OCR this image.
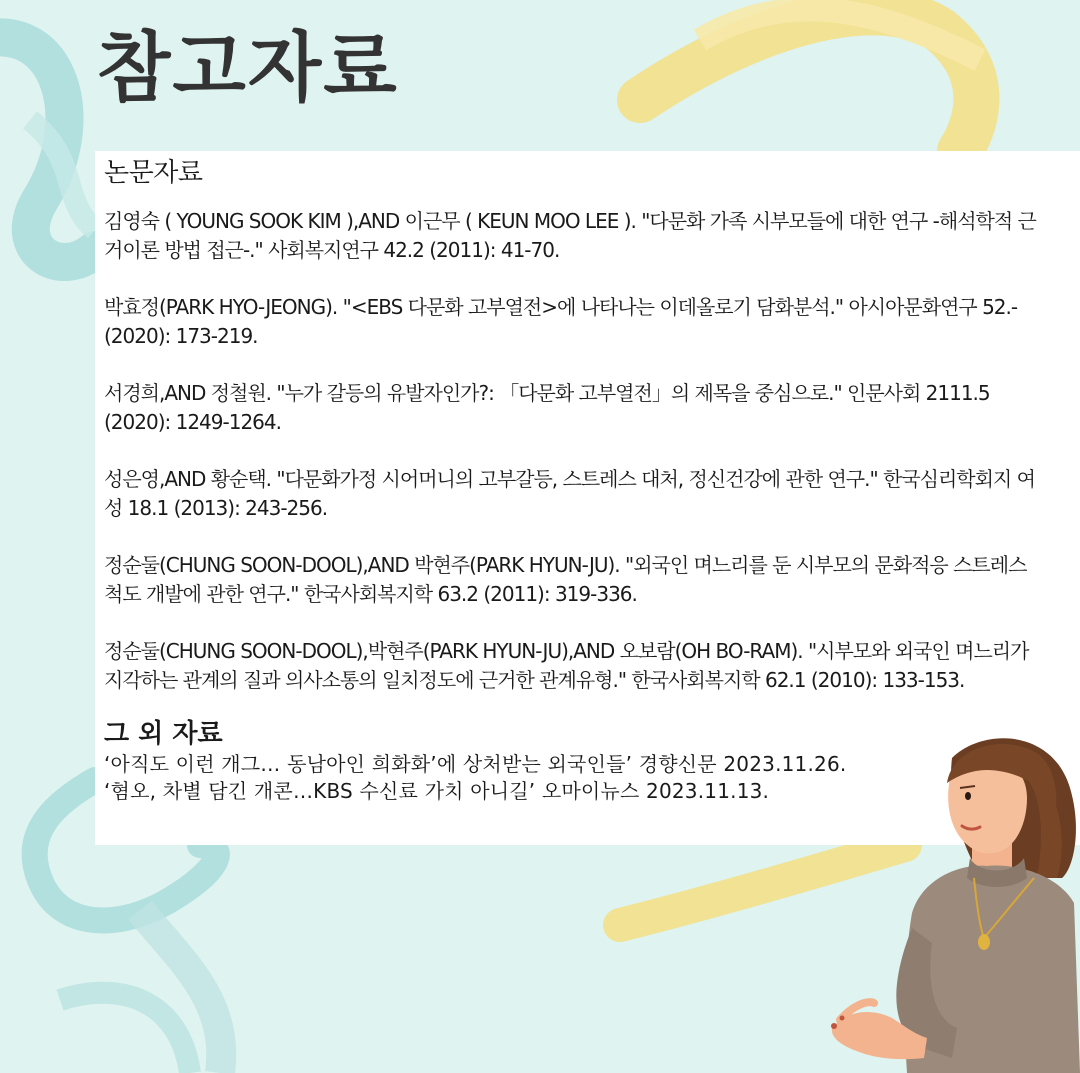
참고자료
논문자료
김영숙 ( YOUNG SOOK KIM ),AND 이근무 ( KEUN MOO LEE ). "다문화 가족 시부모들에 대한 연구 -해석학적 근거이론 방법 접근-." 사회복지연구 42.2 (2011): 41-70.
박효정(PARK HYO-JEONG). "<EBS 다문화 고부열전>에 나타나는 이데올로기 담화분석." 아시아문화연구 52.- (2020): 173-219.
서경희,AND 정철원. "누가 갈등의 유발자인가?: 「다문화 고부열전」의 제목을 중심으로." 인문사회 2111.5 (2020): 1249-1264.
성은영,AND 황순택. "다문화가정 시어머니의 고부갈등, 스트레스 대처, 정신건강에 관한 연구." 한국심리학회지 여성 18.1 (2013): 243-256.
정순둘(CHUNG SOON-DOOL),AND 박현주(PARK HYUN-JU). "외국인 며느리를 둔 시부모의 문화적응 스트레스 척도 개발에 관한 연구." 한국사회복지학 63.2 (2011): 319-336.
정순둘(CHUNG SOON-DOOL),박현주(PARK HYUN-JU),AND 오보람(OH BO-RAM). "시부모와 외국인 며느리가 지각하는 관계의 질과 의사소통의 일치정도에 근거한 관계유형." 한국사회복지학 62.1 (2010): 133-153.
그 외 자료
‘아직도 이런 개그… 동남아인 희화화’에 상처받는 외국인들’ 경향신문 2023.11.26.
‘혐오, 차별 담긴 개콘…KBS 수신료 가치 아니길’ 오마이뉴스 2023.11.13.
